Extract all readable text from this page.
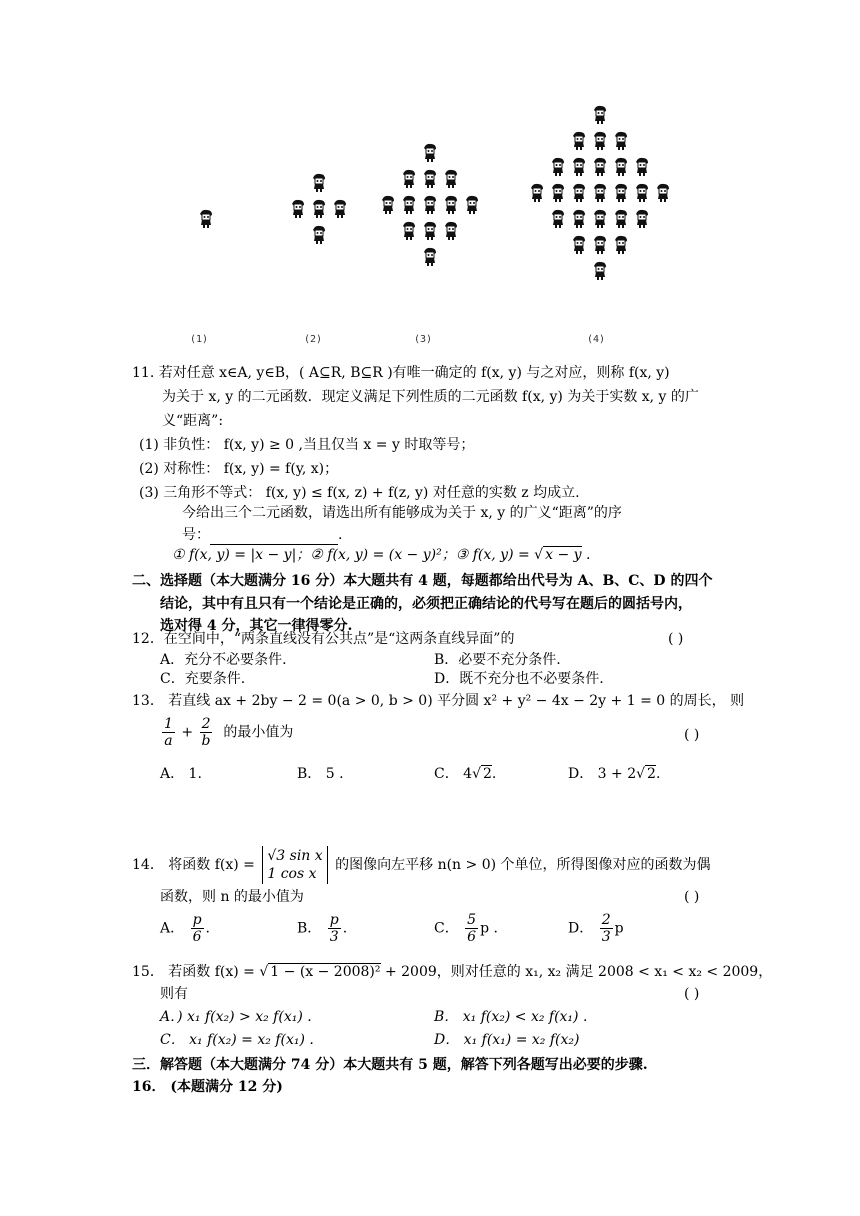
(1)	(2)	(3)	(4)
11. 若对任意 x∈A, y∈B，( A⊆R, B⊆R )有唯一确定的 f(x, y) 与之对应，则称 f(x, y)
为关于 x, y 的二元函数．现定义满足下列性质的二元函数 f(x, y) 为关于实数 x, y 的广
义“距离”:
(1) 非负性： f(x, y) ≥ 0 ,当且仅当 x = y 时取等号；
(2) 对称性： f(x, y) = f(y, x)；
(3) 三角形不等式： f(x, y) ≤ f(x, z) + f(z, y) 对任意的实数 z 均成立.
今给出三个二元函数，请选出所有能够成为关于 x, y 的广义“距离”的序
号：	.
① f(x, y) = |x − y|；② f(x, y) = (x − y)²；③ f(x, y) = √ x − y .
二、选择题（本大题满分 16 分）本大题共有 4 题，每题都给出代号为 A、B、C、D 的四个
结论，其中有且只有一个结论是正确的，必须把正确结论的代号写在题后的圆括号内，
选对得 4 分，其它一律得零分.
12．在空间中，“两条直线没有公共点”是“这两条直线异面”的	( )
A．充分不必要条件.	B．必要不充分条件.
C．充要条件.	D．既不充分也不必要条件.
13． 若直线 ax + 2by − 2 = 0(a > 0, b > 0) 平分圆 x² + y² − 4x − 2y + 1 = 0 的周长， 则
$\frac{1}{a} + \frac{2}{b}$ 的最小值为	( )
A． 1.	B． 5 .	C． 4√ 2.	D． 3 + 2√ 2.
14． 将函数 f(x) =
√3 sin x
1 cos x
的图像向左平移 n(n > 0) 个单位，所得图像对应的函数为偶
函数，则 n 的最小值为	( )
A． $\frac{p}{6}$ .	B． $\frac{p}{3}$ .	C． $\frac{5}{6}$ p .	D． $\frac{2}{3}$ p
15． 若函数 f(x) = √ 1 − (x − 2008)² + 2009，则对任意的 x₁, x₂ 满足 2008 < x₁ < x₂ < 2009，
则有	( )
A．) x₁ f(x₂) > x₂ f(x₁) .	B． x₁ f(x₂) < x₂ f(x₁) .
C． x₁ f(x₂) = x₂ f(x₁) .	D． x₁ f(x₁) = x₂ f(x₂)
三．解答题（本大题满分 74 分）本大题共有 5 题，解答下列各题写出必要的步骤.
16． (本题满分 12 分)
